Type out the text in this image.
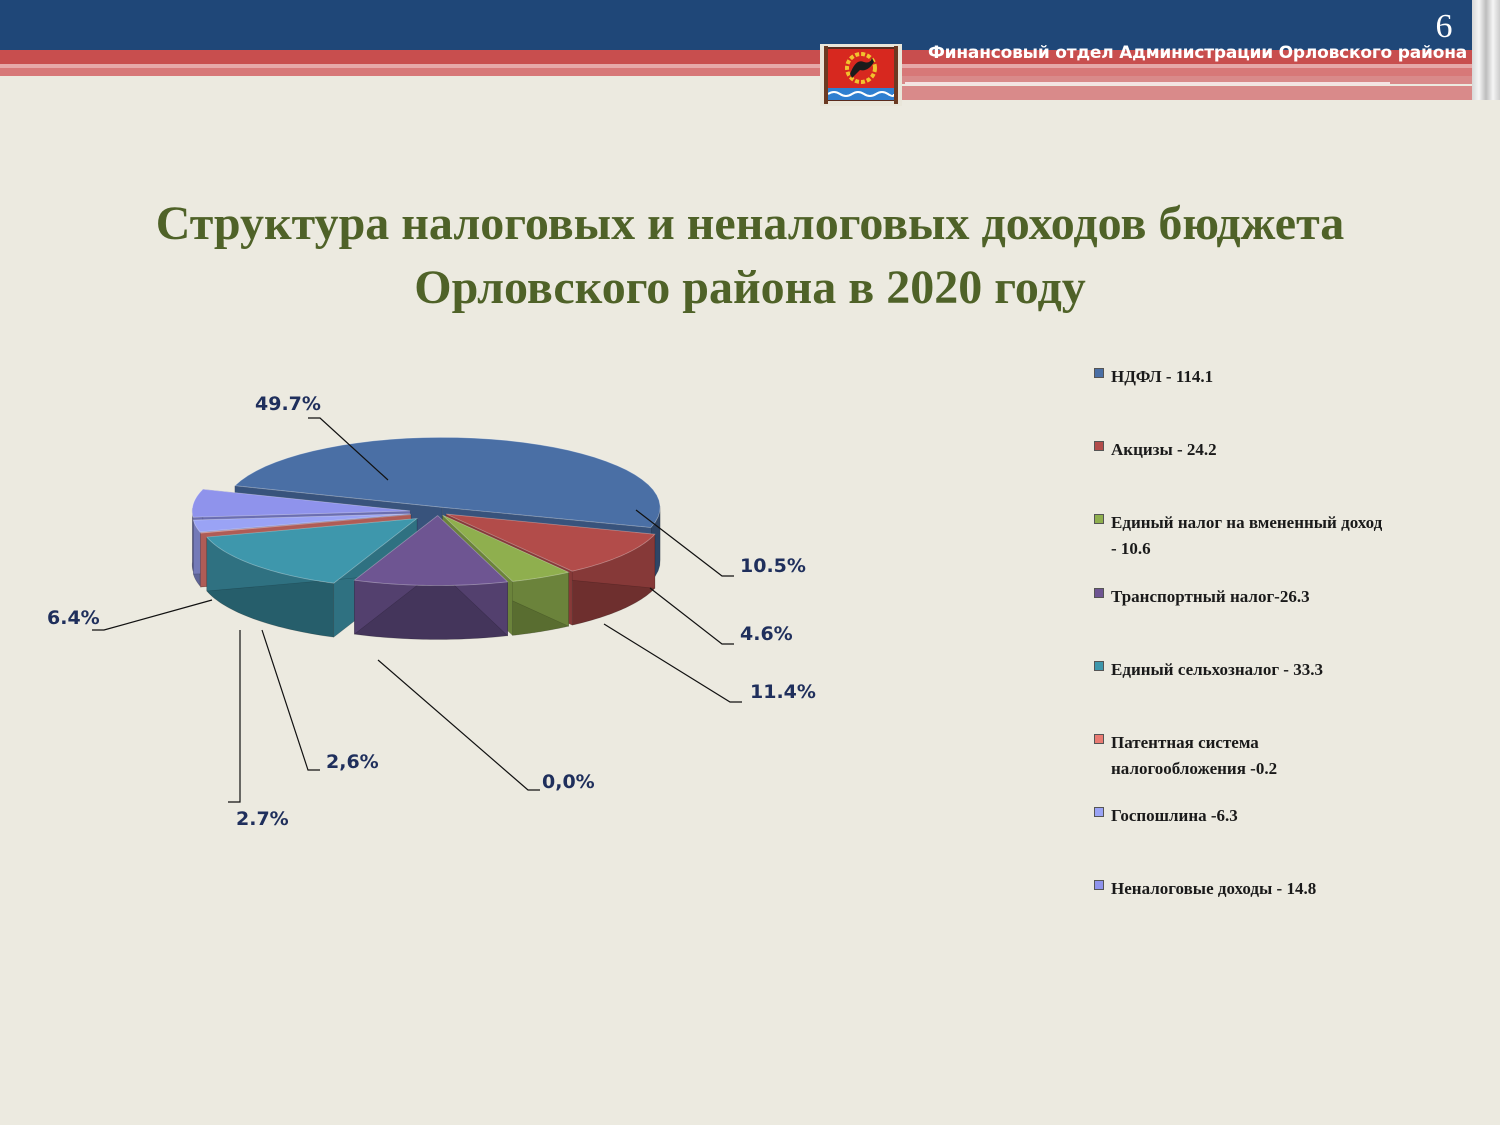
6
Финансовый отдел Администрации Орловского района
Структура налоговых и неналоговых доходов бюджета
Орловского района в 2020 году
49.7%
10.5%
4.6%
11.4%
0,0%
2,6%
2.7%
6.4%
НДФЛ - 114.1
Акцизы - 24.2
Единый налог на вмененный доход - 10.6
Транспортный налог-26.3
Единый сельхозналог - 33.3
Патентная система налогообложения -0.2
Госпошлина -6.3
Неналоговые доходы - 14.8
